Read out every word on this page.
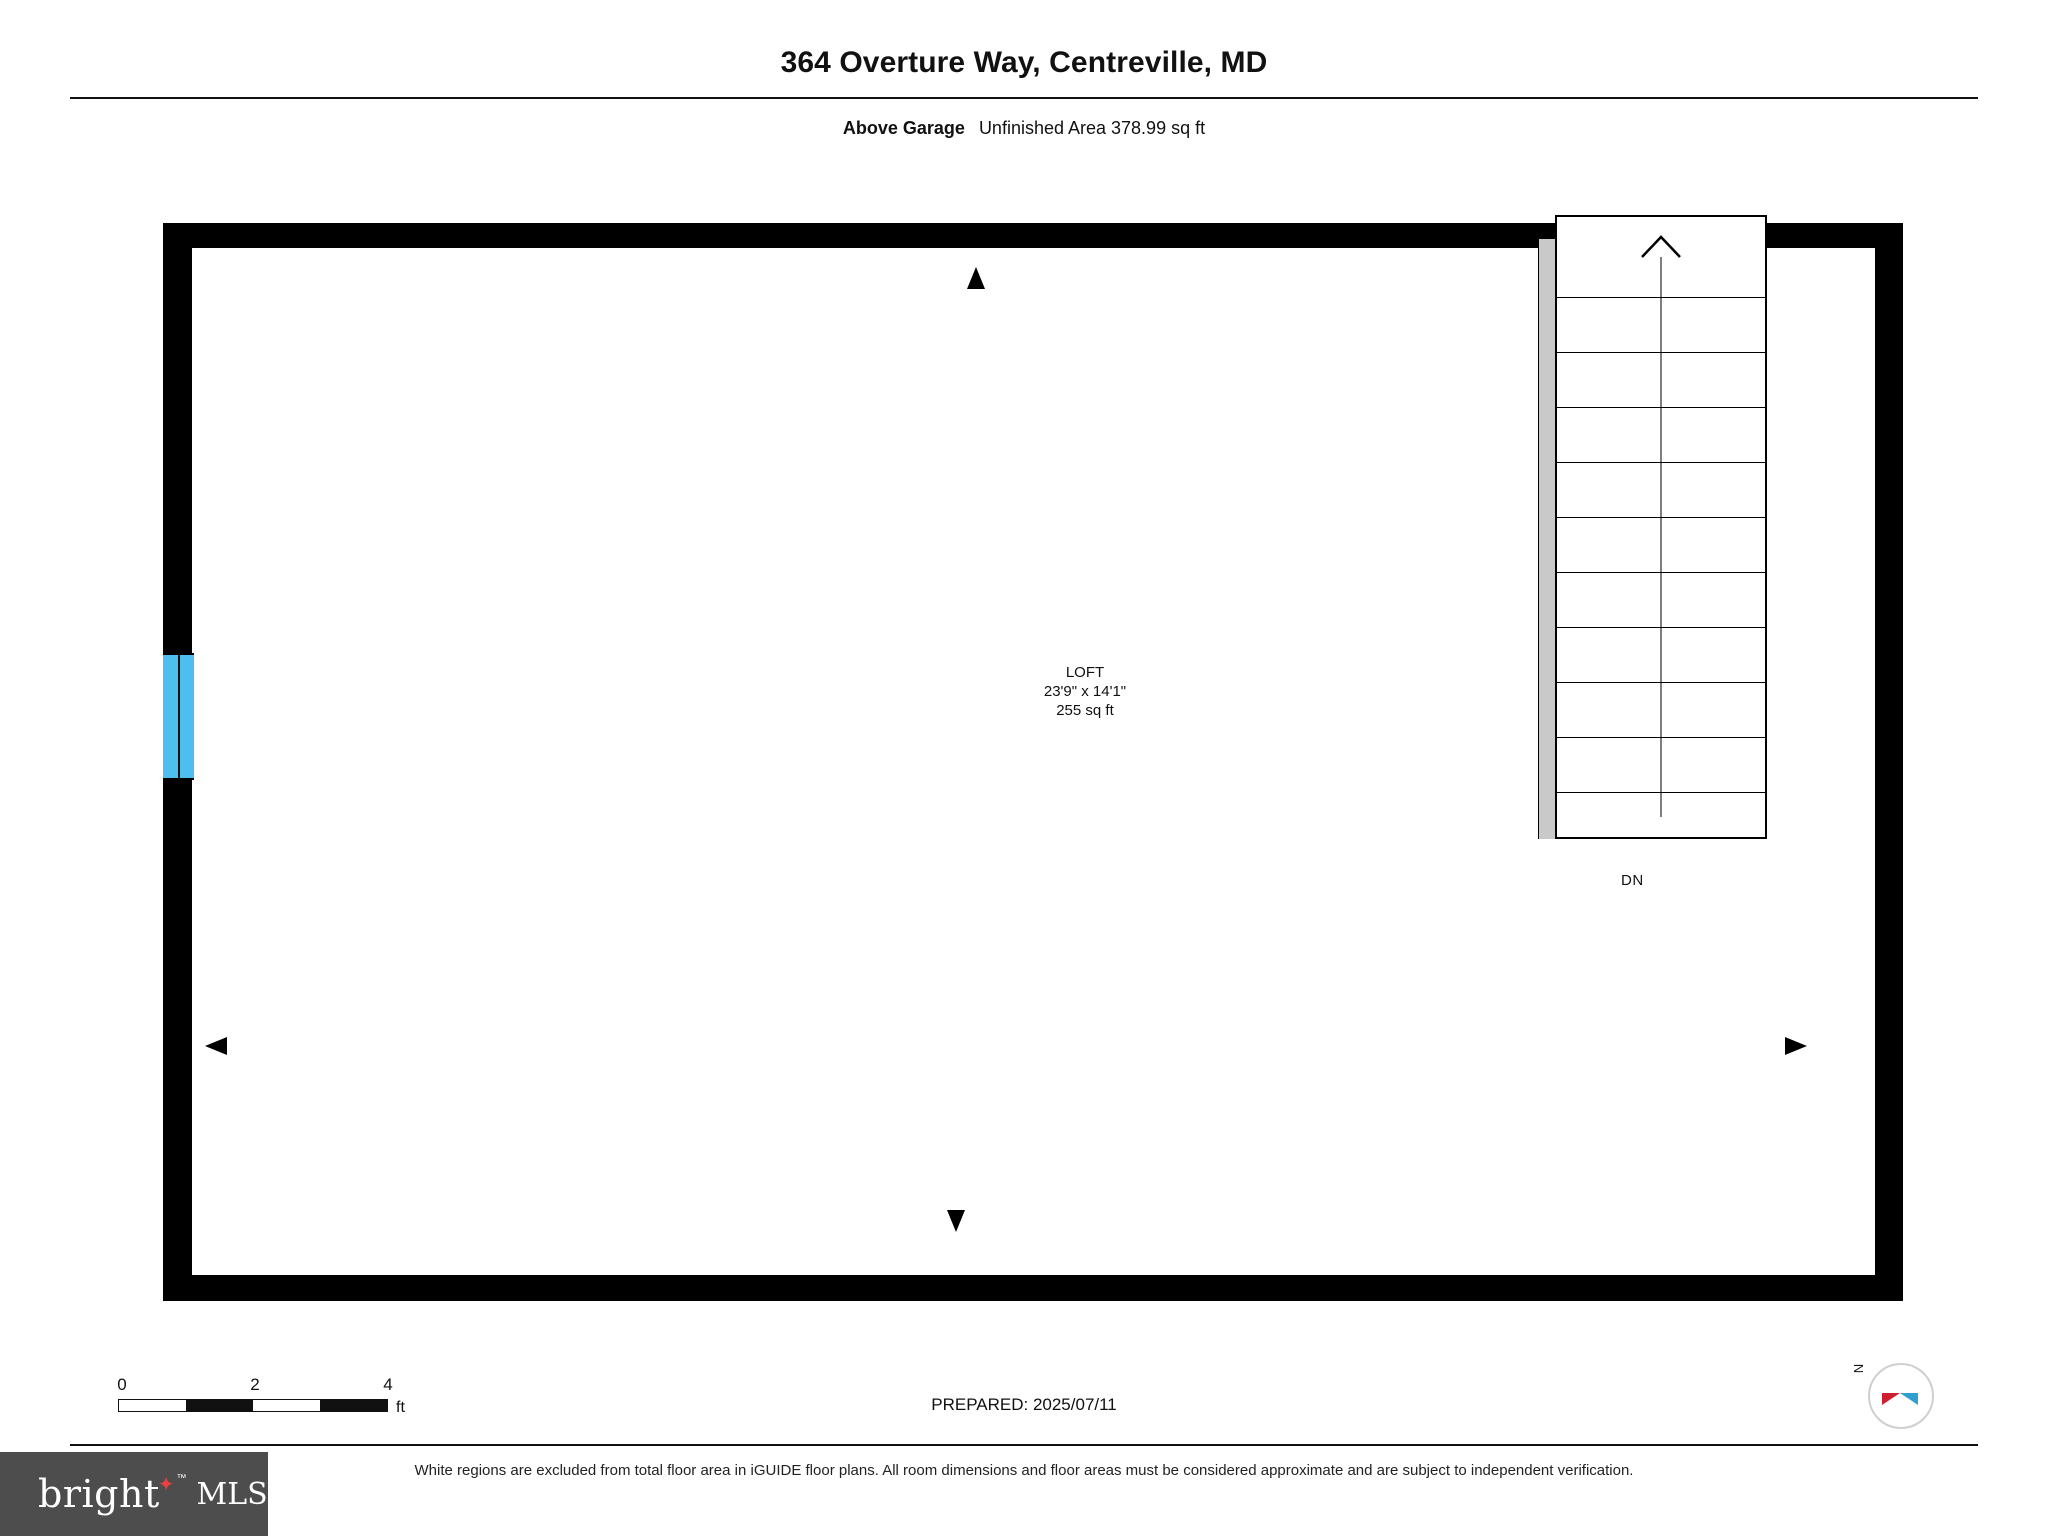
364 Overture Way, Centreville, MD
Above Garage Unfinished Area 378.99 sq ft
DN
LOFT
23'9" x 14'1"
255 sq ft
0	2	4
ft	PREPARED: 2025/07/11
N
White regions are excluded from total floor area in iGUIDE floor plans. All room dimensions and floor areas must be considered approximate and are subject to independent verification.
bright
✦ ™ MLS
